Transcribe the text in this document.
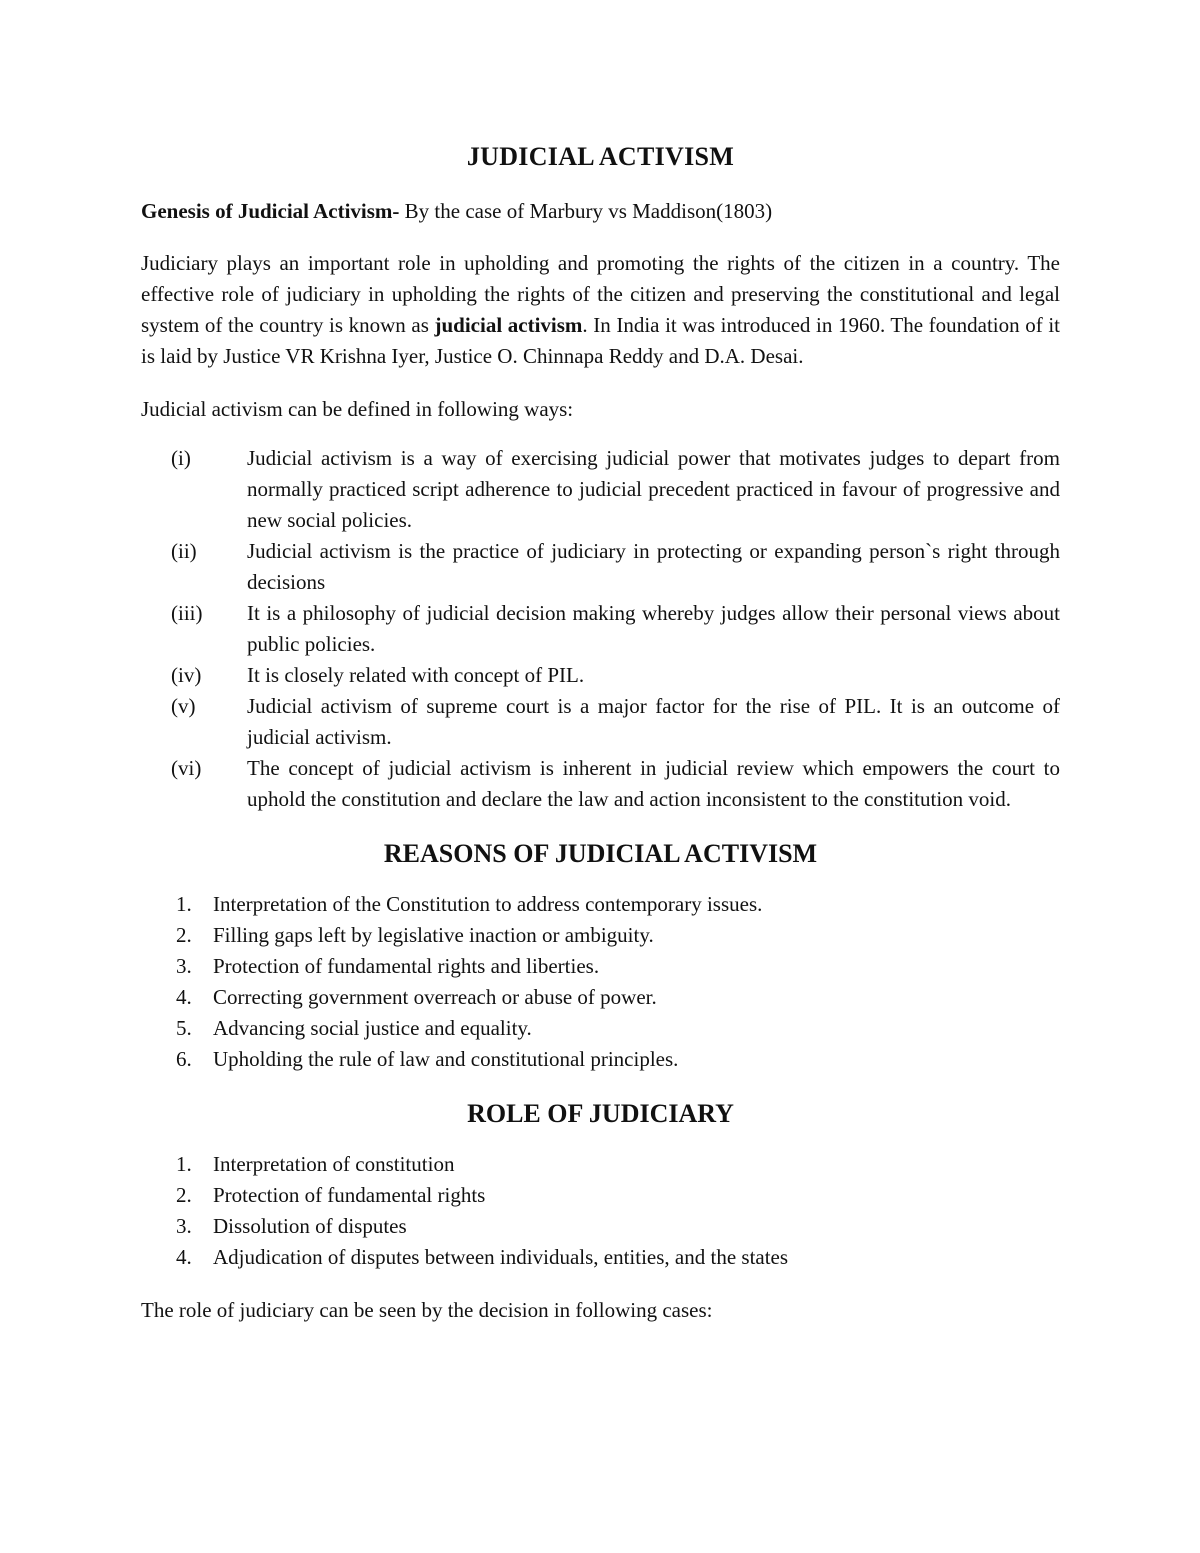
JUDICIAL ACTIVISM

Genesis of Judicial Activism- By the case of Marbury vs Maddison(1803)

Judiciary plays an important role in upholding and promoting the rights of the citizen in a country. The effective role of judiciary in upholding the rights of the citizen and preserving the constitutional and legal system of the country is known as judicial activism. In India it was introduced in 1960. The foundation of it is laid by Justice VR Krishna Iyer, Justice O. Chinnapa Reddy and D.A. Desai.

Judicial activism can be defined in following ways:

(i)	Judicial activism is a way of exercising judicial power that motivates judges to depart from normally practiced script adherence to judicial precedent practiced in favour of progressive and new social policies.
(ii)	Judicial activism is the practice of judiciary in protecting or expanding person`s right through decisions
(iii)	It is a philosophy of judicial decision making whereby judges allow their personal views about public policies.
(iv)	It is closely related with concept of PIL.
(v)	Judicial activism of supreme court is a major factor for the rise of PIL. It is an outcome of judicial activism.
(vi)	The concept of judicial activism is inherent in judicial review which empowers the court to uphold the constitution and declare the law and action inconsistent to the constitution void.
REASONS OF JUDICIAL ACTIVISM
1.	Interpretation of the Constitution to address contemporary issues.
2.	Filling gaps left by legislative inaction or ambiguity.
3.	Protection of fundamental rights and liberties.
4.	Correcting government overreach or abuse of power.
5.	Advancing social justice and equality.
6.	Upholding the rule of law and constitutional principles.
ROLE OF JUDICIARY
1.	Interpretation of constitution
2.	Protection of fundamental rights
3.	Dissolution of disputes
4.	Adjudication of disputes between individuals, entities, and the states

The role of judiciary can be seen by the decision in following cases:
